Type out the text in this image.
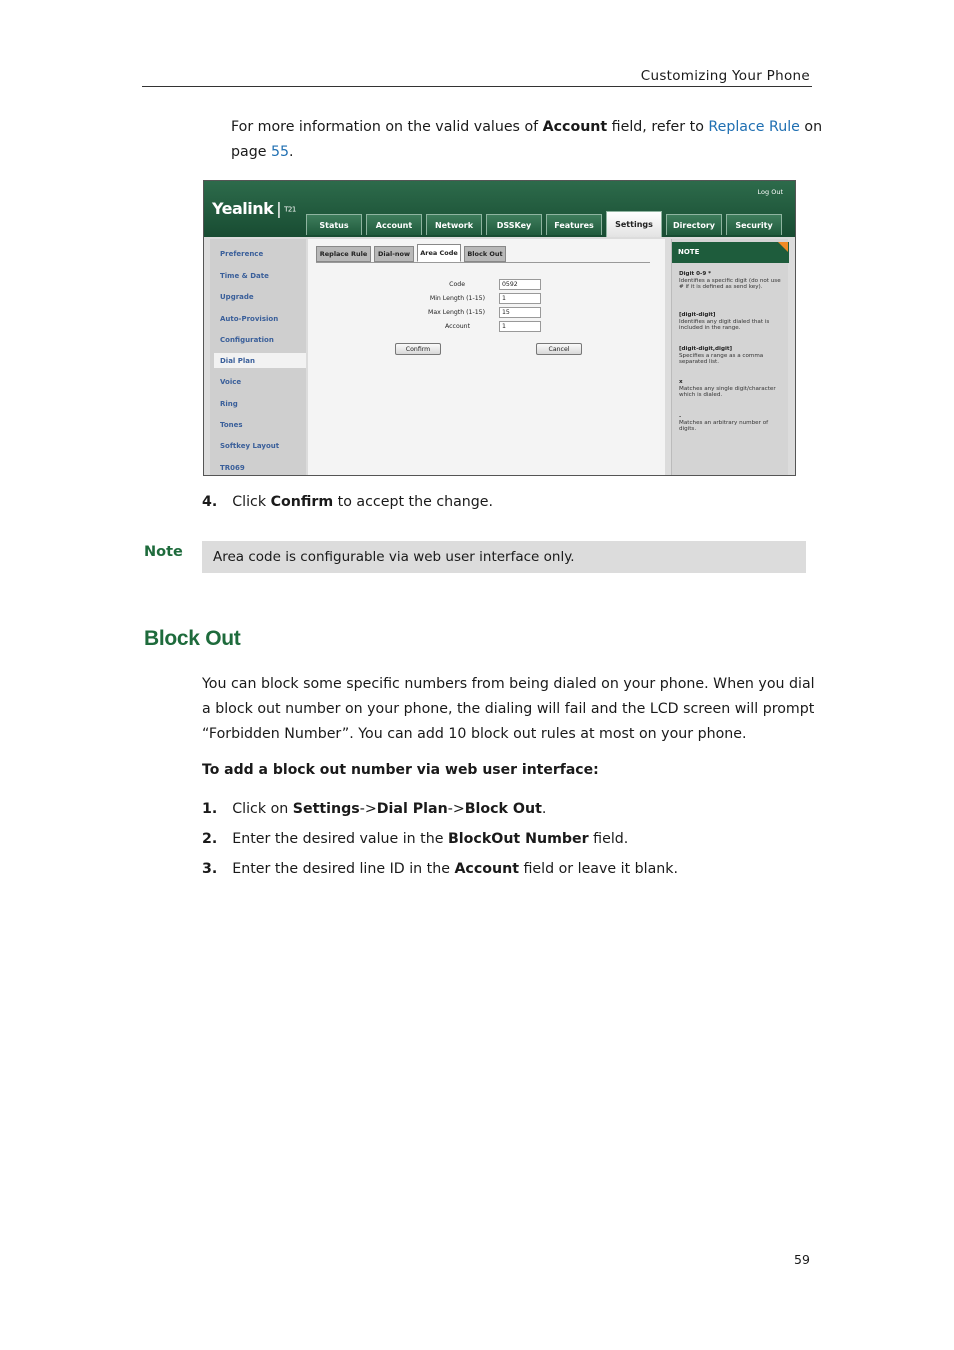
Customizing Your Phone
For more information on the valid values of Account field, refer to Replace Rule on
page 55.
Yealink | T21
Log Out
Status	Account	Network	DSSKey	Features	Settings	Directory	Security
Preference
Time & Date
Upgrade
Auto-Provision
Configuration
Dial Plan
Voice
Ring
Tones
Softkey Layout
TR069
Replace Rule	Dial-now	Area Code	Block Out
Code	0592
Min Length (1-15)	1
Max Length (1-15)	15
Account	1
Confirm	Cancel
NOTE
Digit 0-9 *
Identifies a specific digit (do not use # if it is defined as send key).
[digit-digit]
Identifies any digit dialed that is included in the range.
[digit-digit,digit]
Specifies a range as a comma separated list.
x
Matches any single digit/character which is dialed.
.
Matches an arbitrary number of digits.
4. Click Confirm to accept the change.
Note	Area code is configurable via web user interface only.
Block Out
You can block some specific numbers from being dialed on your phone. When you dial
a block out number on your phone, the dialing will fail and the LCD screen will prompt
“Forbidden Number”. You can add 10 block out rules at most on your phone.
To add a block out number via web user interface:
1. Click on Settings->Dial Plan->Block Out.
2. Enter the desired value in the BlockOut Number field.
3. Enter the desired line ID in the Account field or leave it blank.
59
